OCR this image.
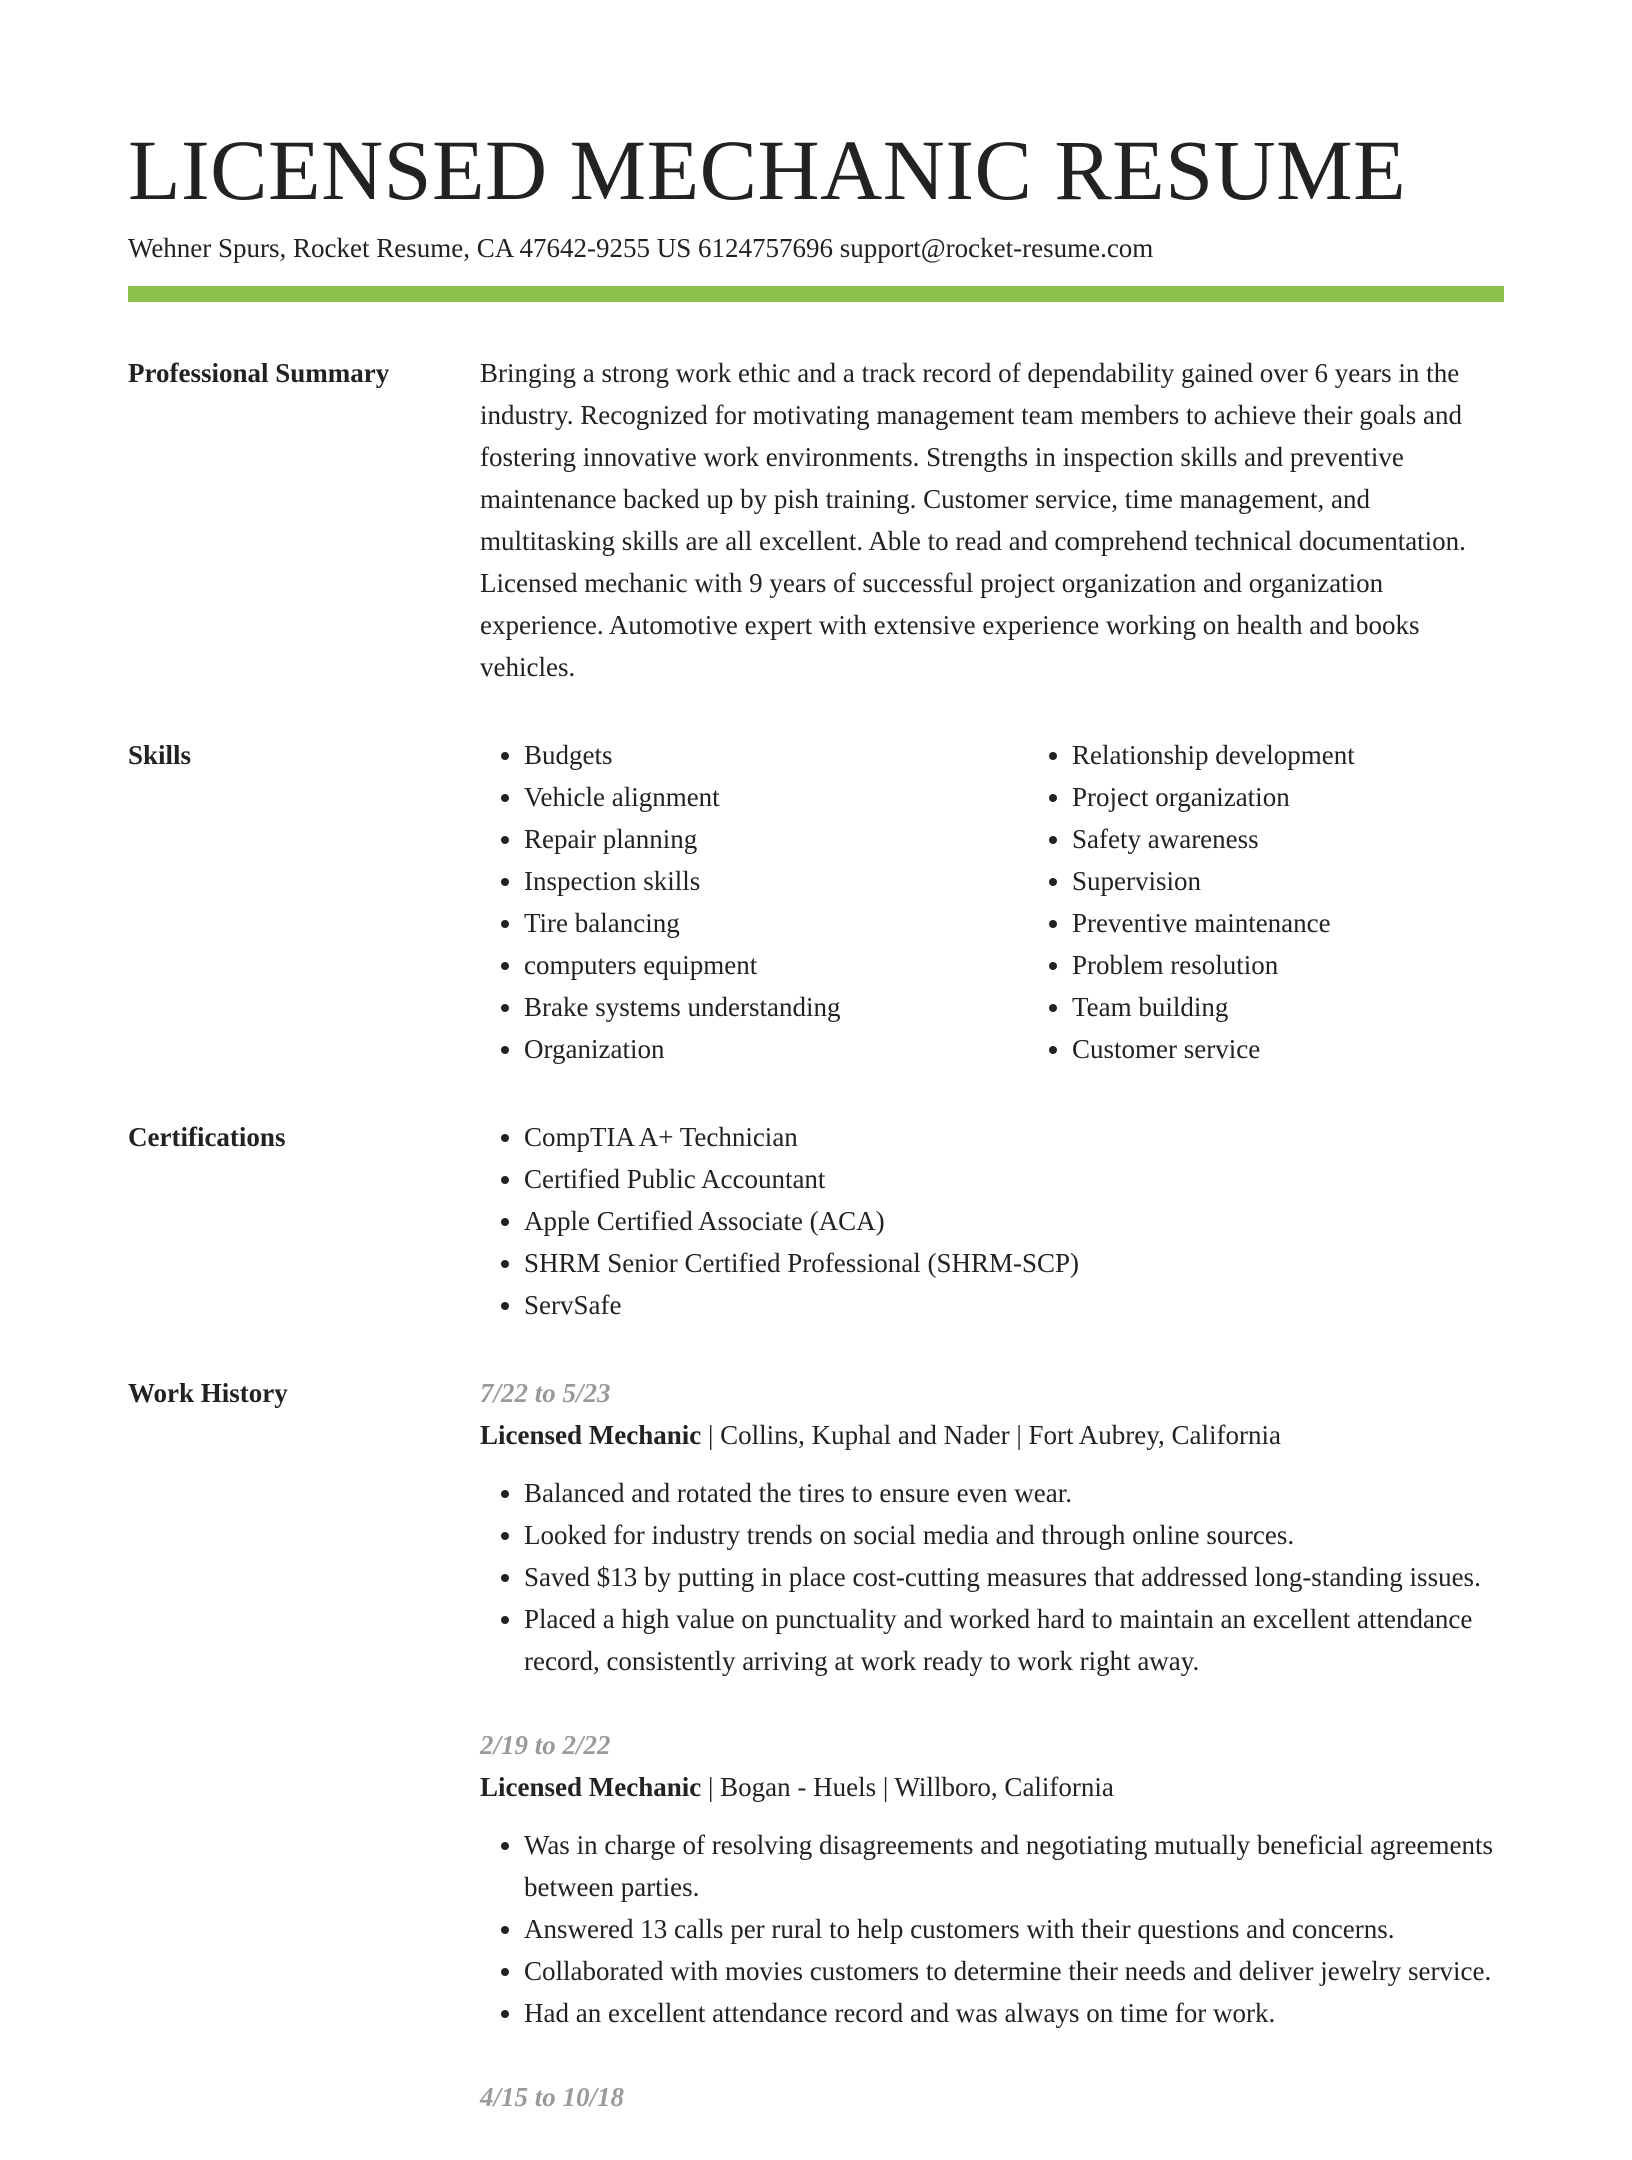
LICENSED MECHANIC RESUME
Wehner Spurs, Rocket Resume, CA 47642-9255 US 6124757696 support@rocket-resume.com
Professional Summary	Bringing a strong work ethic and a track record of dependability gained over 6 years in the industry. Recognized for motivating management team members to achieve their goals and fostering innovative work environments. Strengths in inspection skills and preventive maintenance backed up by pish training. Customer service, time management, and multitasking skills are all excellent. Able to read and comprehend technical documentation. Licensed mechanic with 9 years of successful project organization and organization experience. Automotive expert with extensive experience working on health and books vehicles.

Skills	• Budgets
• Vehicle alignment
• Repair planning
• Inspection skills
• Tire balancing
• computers equipment
• Brake systems understanding
• Organization
• Relationship development
• Project organization
• Safety awareness
• Supervision
• Preventive maintenance
• Problem resolution
• Team building
• Customer service
Certifications	• CompTIA A+ Technician
• Certified Public Accountant
• Apple Certified Associate (ACA)
• SHRM Senior Certified Professional (SHRM-SCP)
• ServSafe
Work History	7/22 to 5/23
Licensed Mechanic | Collins, Kuphal and Nader | Fort Aubrey, California
• Balanced and rotated the tires to ensure even wear.
• Looked for industry trends on social media and through online sources.
• Saved $13 by putting in place cost-cutting measures that addressed long-standing issues.
• Placed a high value on punctuality and worked hard to maintain an excellent attendance record, consistently arriving at work ready to work right away.
2/19 to 2/22
Licensed Mechanic | Bogan - Huels | Willboro, California
• Was in charge of resolving disagreements and negotiating mutually beneficial agreements between parties.
• Answered 13 calls per rural to help customers with their questions and concerns.
• Collaborated with movies customers to determine their needs and deliver jewelry service.
• Had an excellent attendance record and was always on time for work.
4/15 to 10/18
